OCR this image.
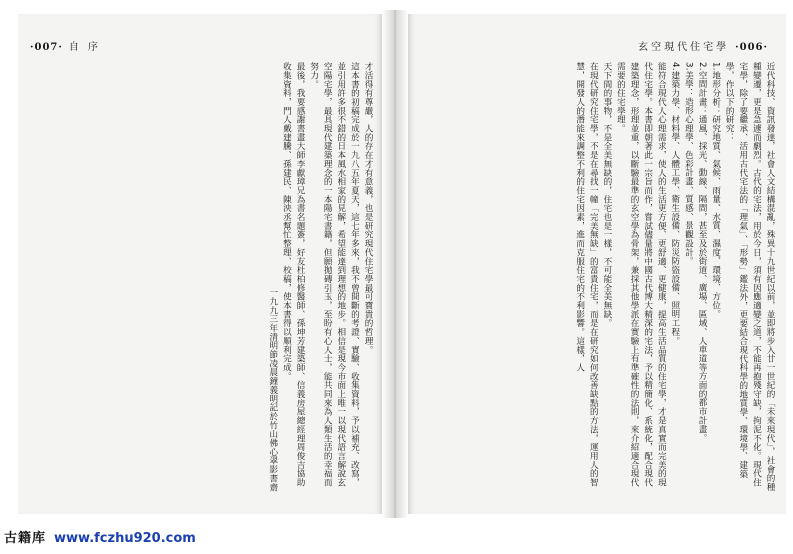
·007· 自 序

才活得有尊嚴，人的存在才有意義，也是研究現代住宅學最可寶貴的哲理。

這本書的初稿完成於一九八五年夏天，這七年多來，我不曾間斷的考證、實驗、收集資料，予以補充、改寫，並引用許多很不錯的日本風水相家的見解，希望能達到理想的地步。相信是現今市面上唯一以現代語言解說玄空陽宅學，最具現代建築理念的一本陽宅書籍，但願拋磚引玉，至盼有心人士，能共同來為人類生活的幸福而努力。

最後，我要感謝書畫大師李獻璋兄為書名題簽，好友杜柏修醫師、孫坤芳建築師、信義房屋總經理周俊吉協助收集資料，門人戴建騰、孫建民、陳泱丞幫忙整理、校稿，使本書得以順利完成。

一九九三年清明節凌晨鐘義明記於竹山佛心翠影書齋

玄空現代住宅學 ·006·

近代科技、資訊發達，社會人文結構混亂，殊異十九世紀以前，並即將步入廿一世紀的「未來現代」，社會的種種變遷，更是急遽而劇烈。古代的宅法，用於今日，須有因應適變之道，不能再抱殘守缺，拘泥不化。現代住宅學，除了要繼承、活用古代宅法的「理氣」、「形勢」鑑法外，更要結合現代科學的地質學、環境學、建築學，作以下的研究：

1.地形分析：研究地質、氣候、雨量、水質、濕度、環境、方位。

2.空間計畫：通風、採光、動線、隔間，甚至及於街道、廣場、區域、人車道等方面的都市計畫。

3.美學：造形心理學、色彩計畫、質感、景觀設計。

4.建築力學、材料學、人體工學、衛生設備、防災防盜設備、照明工程。

能符合現代人心理需求，使人的生活更方便、更舒適、更健康，提高生活品質的住宅學，才是真實而完美的現代住宅學。本書即朝著此一宗旨而作，嘗試儘量將中國古代博大精深的宅法，予以精簡化、系統化，配合現代建築理念，形理並重，以斷驗最準的玄空學為骨架，兼採其他學派在實驗上有準確性的法則，來介紹適合現代需要的住宅學理。

天下間的事物，不是全美無缺的，住宅也是一樣，不可能全美無缺。

在現代研究住宅學，不是在尋找一幢「完美無缺」的富貴住宅，而是在研究如何改善缺點的方法，運用人的智慧，開發人的潛能來調整不利的住宅因素，進而克服住宅的不利影響。這樣，人

古籍库 www.fczhu920.com
